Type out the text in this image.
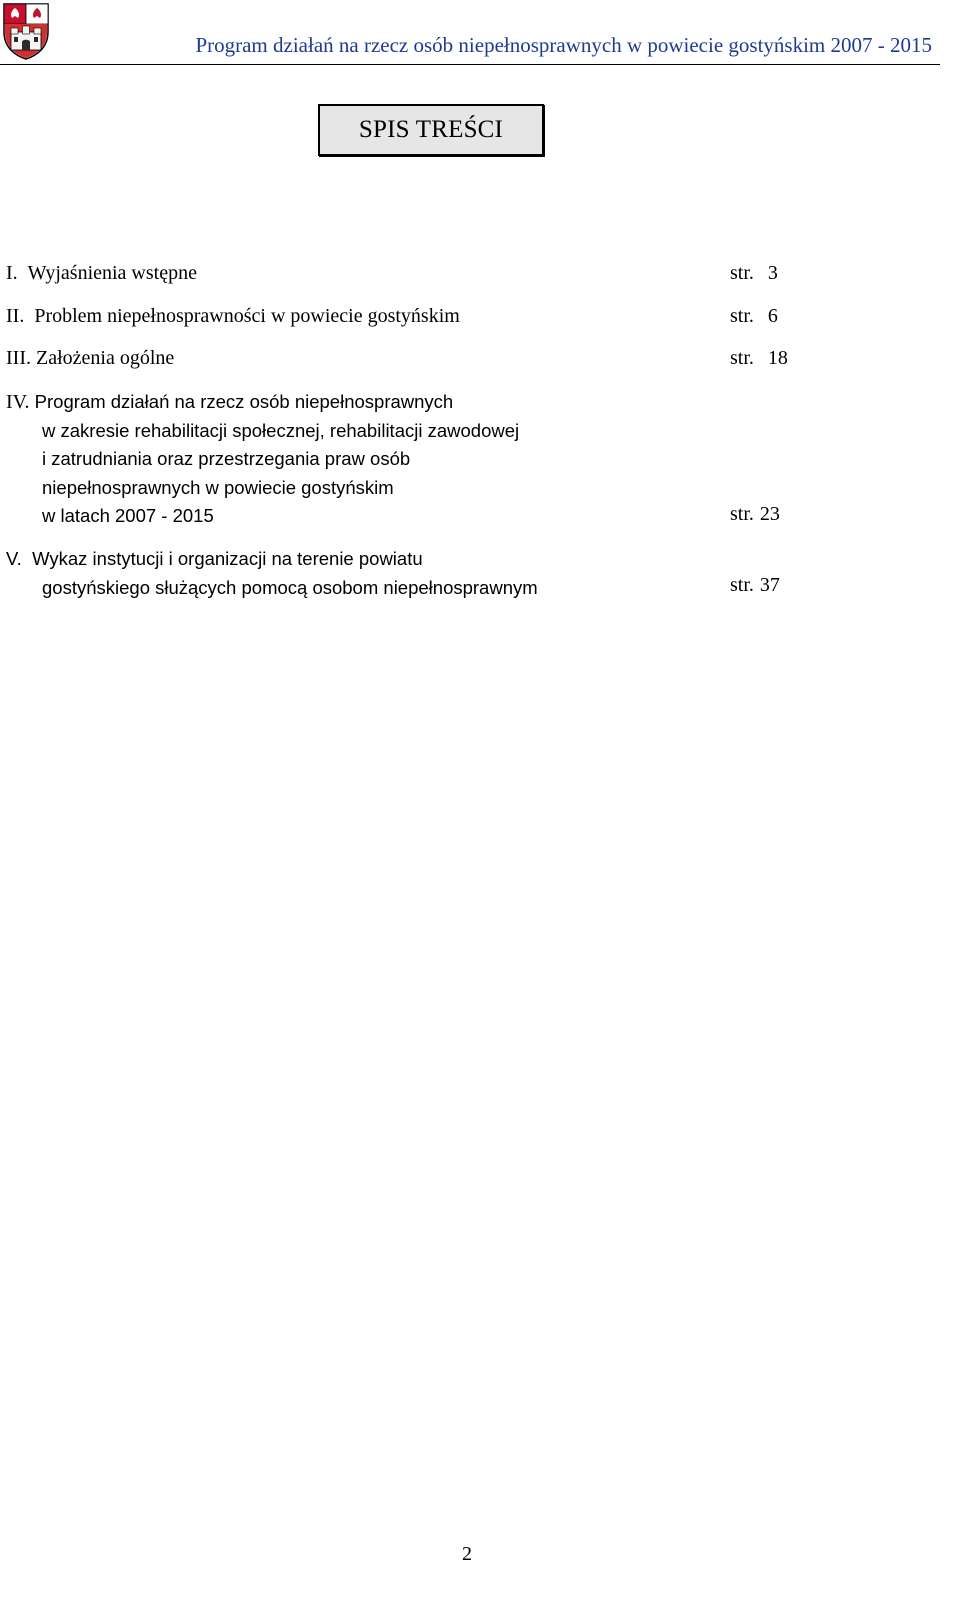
Program działań na rzecz osób niepełnosprawnych w powiecie gostyńskim 2007 - 2015
SPIS TREŚCI
I. Wyjaśnienia wstępne	str. 3
II. Problem niepełnosprawności w powiecie gostyńskim	str. 6
III. Założenia ogólne	str. 18
IV. Program działań na rzecz osób niepełnosprawnych
w zakresie rehabilitacji społecznej, rehabilitacji zawodowej
i zatrudniania oraz przestrzegania praw osób
niepełnosprawnych w powiecie gostyńskim
w latach 2007 - 2015	str. 23
V. Wykaz instytucji i organizacji na terenie powiatu
gostyńskiego służących pomocą osobom niepełnosprawnym	str. 37
2
